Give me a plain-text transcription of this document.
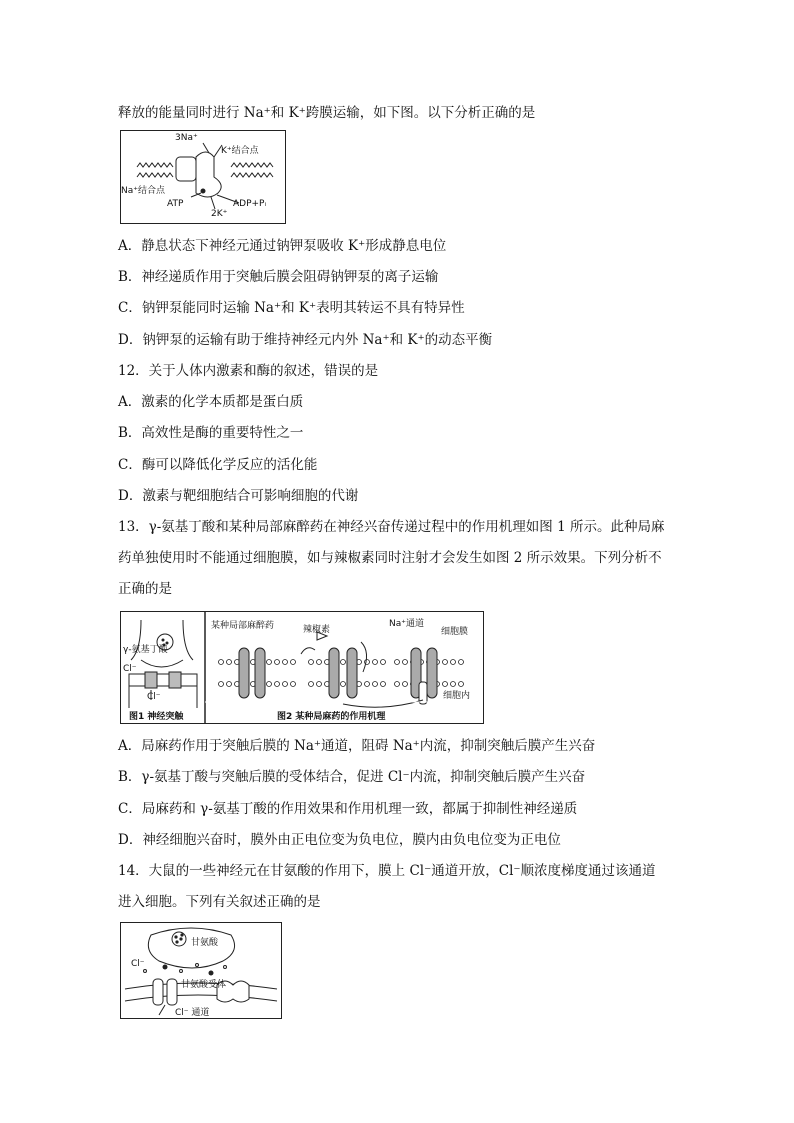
释放的能量同时进行 Na⁺和 K⁺跨膜运输，如下图。以下分析正确的是
3Na⁺
K⁺结合点
Na⁺结合点
ATP
2K⁺
ADP+Pᵢ
A．静息状态下神经元通过钠钾泵吸收 K⁺形成静息电位
B．神经递质作用于突触后膜会阻碍钠钾泵的离子运输
C．钠钾泵能同时运输 Na⁺和 K⁺表明其转运不具有特异性
D．钠钾泵的运输有助于维持神经元内外 Na⁺和 K⁺的动态平衡
12．关于人体内激素和酶的叙述，错误的是
A．激素的化学本质都是蛋白质
B．高效性是酶的重要特性之一
C．酶可以降低化学反应的活化能
D．激素与靶细胞结合可影响细胞的代谢
13．γ-氨基丁酸和某种局部麻醉药在神经兴奋传递过程中的作用机理如图 1 所示。此种局麻
药单独使用时不能通过细胞膜，如与辣椒素同时注射才会发生如图 2 所示效果。下列分析不
正确的是
γ-氨基丁酸
Cl⁻
Cl⁻
图1 神经突触
某种局部麻醉药	辣椒素
Na⁺通道
细胞膜
细胞内
图2 某种局麻药的作用机理
A．局麻药作用于突触后膜的 Na⁺通道，阻碍 Na⁺内流，抑制突触后膜产生兴奋
B．γ-氨基丁酸与突触后膜的受体结合，促进 Cl⁻内流，抑制突触后膜产生兴奋
C．局麻药和 γ-氨基丁酸的作用效果和作用机理一致，都属于抑制性神经递质
D．神经细胞兴奋时，膜外由正电位变为负电位，膜内由负电位变为正电位
14．大鼠的一些神经元在甘氨酸的作用下，膜上 Cl⁻通道开放，Cl⁻顺浓度梯度通过该通道
进入细胞。下列有关叙述正确的是
甘氨酸
Cl⁻
甘氨酸受体
Cl⁻ 通道
